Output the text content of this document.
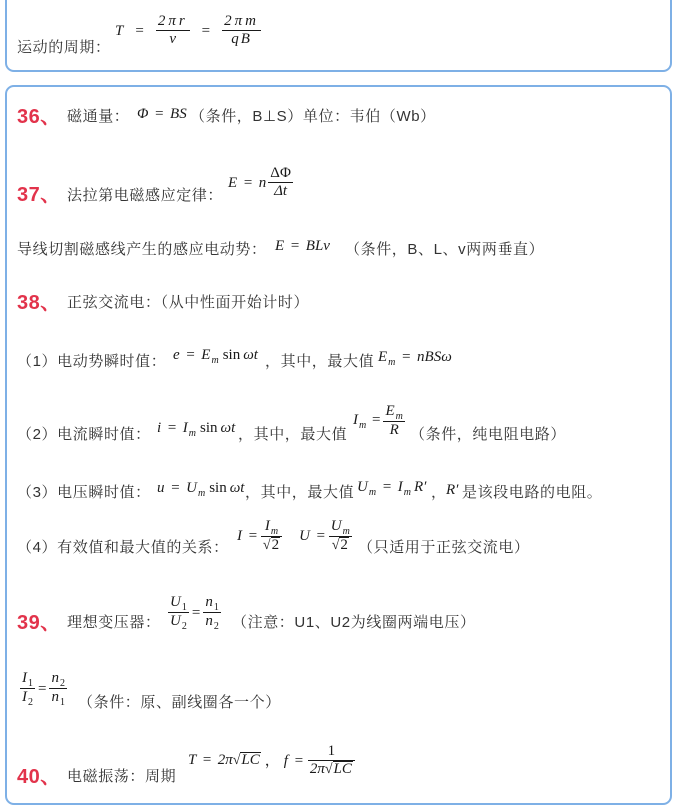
运动的周期：
$T = \frac{2\pi r}{v} = \frac{2\pi m}{qB}$
36、 磁通量： Φ = BS （条件，B⊥S）单位：韦伯（Wb）
37、 法拉第电磁感应定律：
E = n $\frac{\Delta\Phi}{\Delta t}$
导线切割磁感线产生的感应电动势： E = BLv （条件，B、L、v两两垂直）
38、 正弦交流电：（从中性面开始计时）
（1）电动势瞬时值： $e = E_m$ sin ωt ，其中，最大值 $E_m = nBS\omega$
（2）电流瞬时值： $i = I_m$ sin ωt ，其中，最大值
$I_m = \frac{E_m}{R}$ （条件，纯电阻电路）
（3）电压瞬时值： $u = U_m$ sin ωt ，其中，最大值 $U_m = I_m$ R′ ， R′ 是该段电路的电阻。
（4）有效值和最大值的关系：
$I = \frac{I_m}{√2}$ $U = \frac{U_m}{√2}$ （只适用于正弦交流电）
39、 理想变压器： $\frac{U_1}{U_2} = \frac{n_1}{n_2}$ （注意：U1、U2为线圈两端电压）
$\frac{I_1}{I_2} = \frac{n_2}{n_1}$ （条件：原、副线圈各一个）
40、 电磁振荡：周期
T = 2π√LC ， $f = \frac{1}{2\pi√LC}$
